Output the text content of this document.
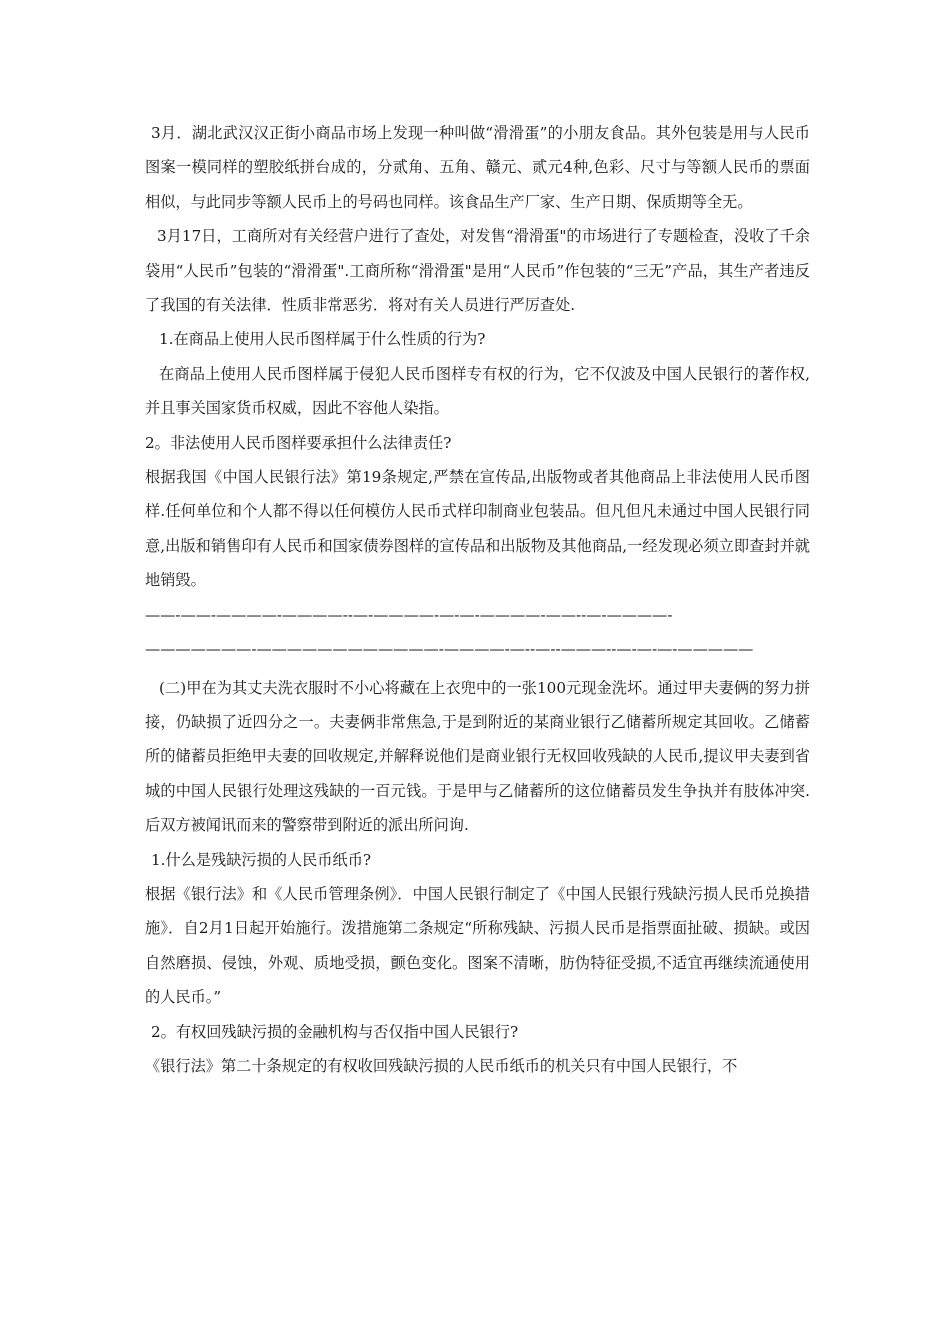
3月．湖北武汉汉正街小商品市场上发现一种叫做“滑滑蛋”的小朋友食品。其外包装是用与人民币图案一模同样的塑胶纸拼台成的，分贰角、五角、赣元、贰元4种,色彩、尺寸与等额人民币的票面相似，与此同步等额人民币上的号码也同样。该食品生产厂家、生产日期、保质期等全无。

3月17日，工商所对有关经营户进行了查处，对发售“滑滑蛋"的市场进行了专题检查，没收了千余袋用“人民币”包装的“滑滑蛋".工商所称“滑滑蛋"是用“人民币”作包装的“三无”产品，其生产者违反了我国的有关法律．性质非常恶劣．将对有关人员进行严厉查处.

1.在商品上使用人民币图样属于什么性质的行为?

在商品上使用人民币图样属于侵犯人民币图样专有权的行为，它不仅波及中国人民银行的著作权,并且事关国家货币权威，因此不容他人染指。

2。非法使用人民币图样要承担什么法律责任?

根据我国《中国人民银行法》第19条规定,严禁在宣传品,出版物或者其他商品上非法使用人民币图样.任何单位和个人都不得以任何模仿人民币式样印制商业包装品。但凡但凡未通过中国人民银行同意,出版和销售印有人民币和国家债券图样的宣传品和出版物及其他商品,一经发现必须立即查封并就地销毁。

——-——-————-————--—-————-—-—-————-——--—-————-

———————-————————————-————-—--—--———--—-—-—-—————

(二)甲在为其丈夫洗衣服时不小心将藏在上衣兜中的一张100元现金洗坏。通过甲夫妻俩的努力拼接，仍缺损了近四分之一。夫妻俩非常焦急,于是到附近的某商业银行乙储蓄所规定其回收。乙储蓄所的储蓄员拒绝甲夫妻的回收规定,并解释说他们是商业银行无权回收残缺的人民币,提议甲夫妻到省城的中国人民银行处理这残缺的一百元钱。于是甲与乙储蓄所的这位储蓄员发生争执并有肢体冲突.后双方被闻讯而来的警察带到附近的派出所问询.

1.什么是残缺污损的人民币纸币?

根据《银行法》和《人民币管理条例》．中国人民银行制定了《中国人民银行残缺污损人民币兑换措施》．自2月1日起开始施行。泼措施第二条规定“所称残缺、污损人民币是指票面扯破、损缺。或因自然磨损、侵蚀，外观、质地受损，颤色变化。图案不清晰，肪伪特征受损,不适宜再继续流通使用的人民币。”

2。有权回残缺污损的金融机构与否仅指中国人民银行?

《银行法》第二十条规定的有权收回残缺污损的人民币纸币的机关只有中国人民银行，不
